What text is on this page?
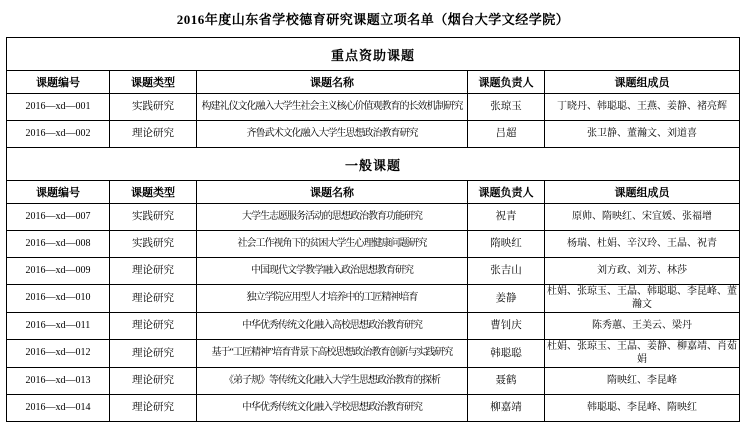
2016年度山东省学校德育研究课题立项名单（烟台大学文经学院）
重点资助课题				
课题编号	课题类型	课题名称	课题负责人	课题组成员
2016—xd—001	实践研究	构建礼仪文化融入大学生社会主义核心价值观教育的长效机制研究	张琼玉	丁晓丹、韩聪聪、王燕、姜静、褚亮辉
2016—xd—002	理论研究	齐鲁武术文化融入大学生思想政治教育研究	吕超	张卫静、董瀚文、刘道喜
一般课题				
课题编号	课题类型	课题名称	课题负责人	课题组成员
2016—xd—007	实践研究	大学生志愿服务活动的思想政治教育功能研究	祝青	原帅、隋映红、宋宜媛、张福增
2016—xd—008	实践研究	社会工作视角下的贫困大学生心理健康问题研究	隋映红	杨瑞、杜娟、辛汉玲、王晶、祝青
2016—xd—009	理论研究	中国现代文学教学融入政治思想教育研究	张吉山	刘方政、刘芳、林莎
2016—xd—010	理论研究	独立学院应用型人才培养中的工匠精神培育	姜静	杜娟、张琼玉、王晶、韩聪聪、李昆峰、董瀚文
2016—xd—011	理论研究	中华优秀传统文化融入高校思想政治教育研究	曹钊庆	陈秀蕙、王美云、梁丹
2016—xd—012	理论研究	基于“工匠精神”培育背景下高校思想政治教育创新与实践研究	韩聪聪	杜娟、张琼玉、王晶、姜静、柳嘉靖、肖茹娟
2016—xd—013	理论研究	《弟子规》等传统文化融入大学生思想政治教育的探析	聂鹤	隋映红、李昆峰
2016—xd—014	理论研究	中华优秀传统文化融入学校思想政治教育研究	柳嘉靖	韩聪聪、李昆峰、隋映红
